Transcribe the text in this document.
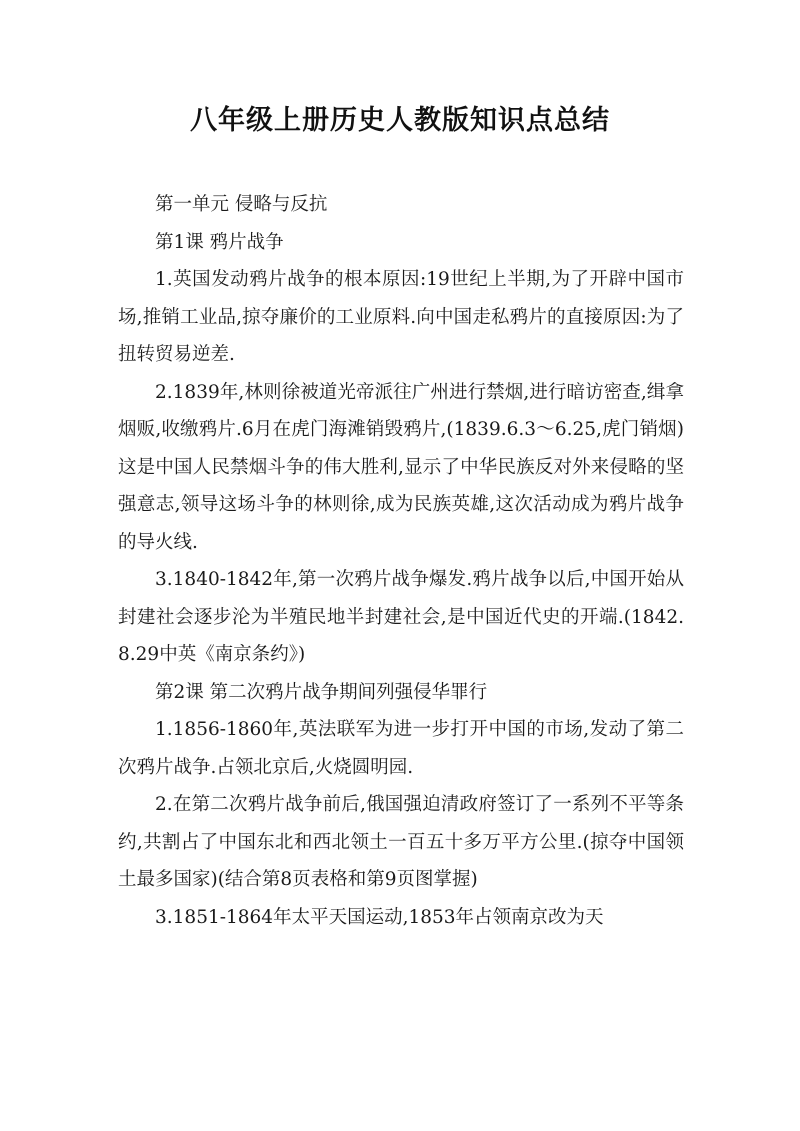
八年级上册历史人教版知识点总结

第一单元 侵略与反抗

第1课 鸦片战争

1.英国发动鸦片战争的根本原因:19世纪上半期,为了开辟中国市场,推销工业品,掠夺廉价的工业原料.向中国走私鸦片的直接原因:为了扭转贸易逆差.

2.1839年,林则徐被道光帝派往广州进行禁烟,进行暗访密查,缉拿烟贩,收缴鸦片.6月在虎门海滩销毁鸦片,(1839.6.3～6.25,虎门销烟)这是中国人民禁烟斗争的伟大胜利,显示了中华民族反对外来侵略的坚强意志,领导这场斗争的林则徐,成为民族英雄,这次活动成为鸦片战争的导火线.

3.1840-1842年,第一次鸦片战争爆发.鸦片战争以后,中国开始从封建社会逐步沦为半殖民地半封建社会,是中国近代史的开端.(1842.8.29中英《南京条约》)

第2课 第二次鸦片战争期间列强侵华罪行

1.1856-1860年,英法联军为进一步打开中国的市场,发动了第二次鸦片战争.占领北京后,火烧圆明园.

2.在第二次鸦片战争前后,俄国强迫清政府签订了一系列不平等条约,共割占了中国东北和西北领土一百五十多万平方公里.(掠夺中国领土最多国家)(结合第8页表格和第9页图掌握)

3.1851-1864年太平天国运动,1853年占领南京改为天
